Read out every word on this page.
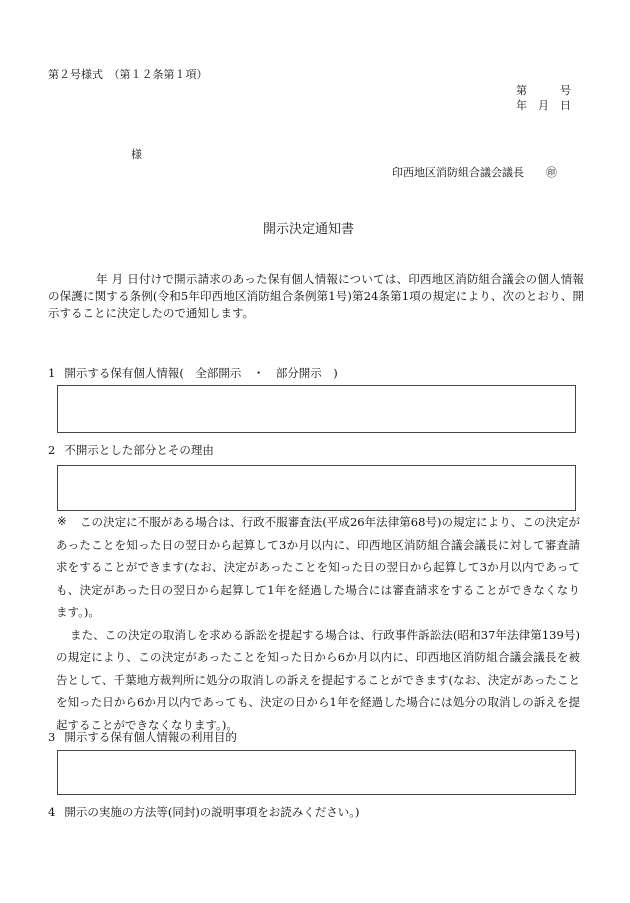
第２号様式　（第１２条第１項）
第　　　号
年　月　日
様
印西地区消防組合議会議長 ㊞
開示決定通知書
年 月 日付けで開示請求のあった保有個人情報については、印西地区消防組合議会の個人情報の保護に関する条例(令和5年印西地区消防組合条例第1号)第24条第1項の規定により、次のとおり、開示することに決定したので通知します。
1 開示する保有個人情報(　全部開示　・　部分開示　)
2 不開示とした部分とその理由
※	この決定に不服がある場合は、行政不服審査法(平成26年法律第68号)の規定により、この決定があったことを知った日の翌日から起算して3か月以内に、印西地区消防組合議会議長に対して審査請求をすることができます(なお、決定があったことを知った日の翌日から起算して3か月以内であっても、決定があった日の翌日から起算して1年を経過した場合には審査請求をすることができなくなります。)。

また、この決定の取消しを求める訴訟を提起する場合は、行政事件訴訟法(昭和37年法律第139号)の規定により、この決定があったことを知った日から6か月以内に、印西地区消防組合議会議長を被告として、千葉地方裁判所に処分の取消しの訴えを提起することができます(なお、決定があったことを知った日から6か月以内であっても、決定の日から1年を経過した場合には処分の取消しの訴えを提起することができなくなります。)。

3 開示する保有個人情報の利用目的
4 開示の実施の方法等(同封)の説明事項をお読みください。)
